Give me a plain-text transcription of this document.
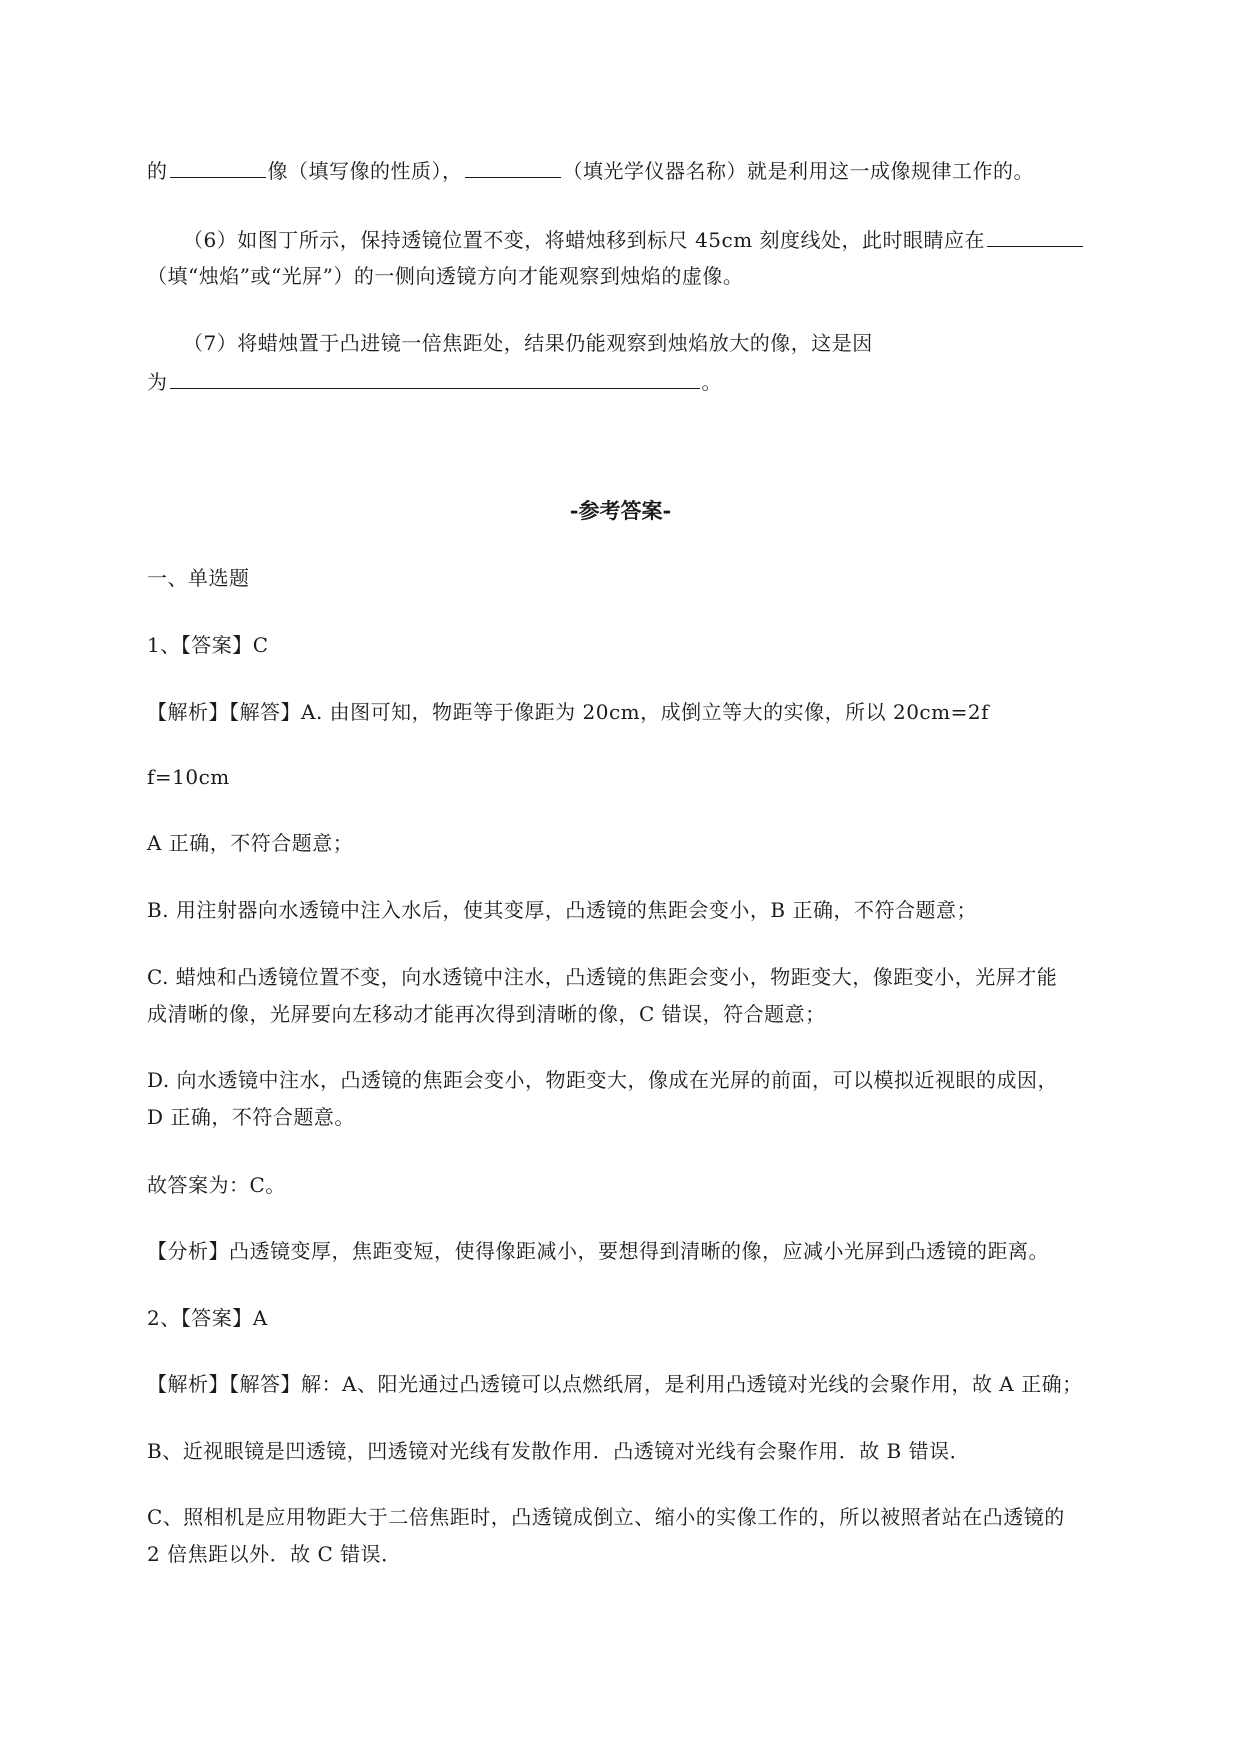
的	像（填写像的性质），	（填光学仪器名称）就是利用这一成像规律工作的。
（6）如图丁所示，保持透镜位置不变，将蜡烛移到标尺 45cm 刻度线处，此时眼睛应在
（填“烛焰”或“光屏”）的一侧向透镜方向才能观察到烛焰的虚像。
（7）将蜡烛置于凸进镜一倍焦距处，结果仍能观察到烛焰放大的像，这是因
为	。
-参考答案-
一、单选题
1、【答案】C
【解析】【解答】A. 由图可知，物距等于像距为 20cm，成倒立等大的实像，所以 20cm=2f
f=10cm
A 正确，不符合题意；
B. 用注射器向水透镜中注入水后，使其变厚，凸透镜的焦距会变小，B 正确，不符合题意；
C. 蜡烛和凸透镜位置不变，向水透镜中注水，凸透镜的焦距会变小，物距变大，像距变小，光屏才能
成清晰的像，光屏要向左移动才能再次得到清晰的像，C 错误，符合题意；
D. 向水透镜中注水，凸透镜的焦距会变小，物距变大，像成在光屏的前面，可以模拟近视眼的成因，
D 正确，不符合题意。
故答案为：C。
【分析】凸透镜变厚，焦距变短，使得像距减小，要想得到清晰的像，应减小光屏到凸透镜的距离。
2、【答案】A
【解析】【解答】解：A、阳光通过凸透镜可以点燃纸屑，是利用凸透镜对光线的会聚作用，故 A 正确；
B、近视眼镜是凹透镜，凹透镜对光线有发散作用．凸透镜对光线有会聚作用．故 B 错误．
C、照相机是应用物距大于二倍焦距时，凸透镜成倒立、缩小的实像工作的，所以被照者站在凸透镜的
2 倍焦距以外．故 C 错误．
